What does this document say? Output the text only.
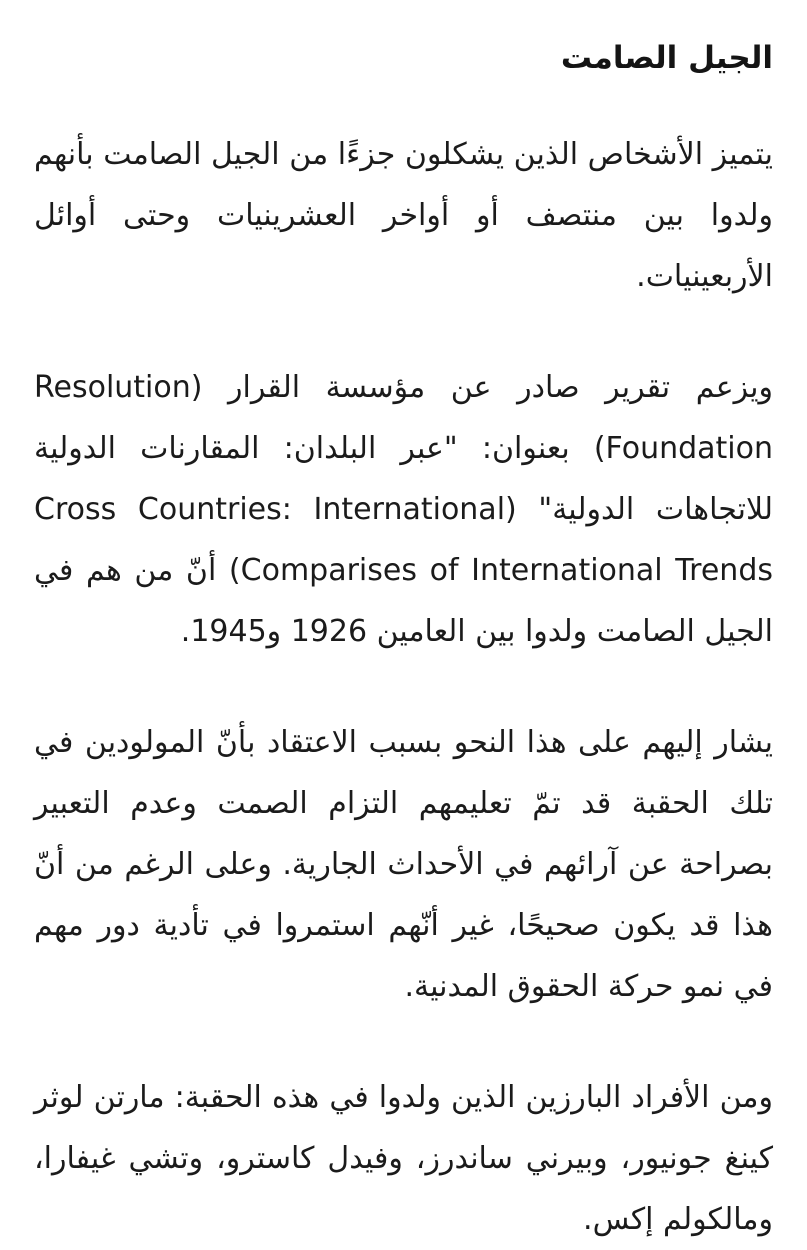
الجيل الصامت

يتميز الأشخاص الذين يشكلون جزءًا من الجيل الصامت بأنهم ولدوا بين منتصف أو أواخر العشرينيات وحتى أوائل الأربعينيات.

ويزعم تقرير صادر عن مؤسسة القرار (Resolution Foundation) بعنوان: "عبر البلدان: المقارنات الدولية للاتجاهات الدولية" (Cross Countries: International Comparises of International Trends) أنّ من هم في الجيل الصامت ولدوا بين العامين 1926 و1945.

يشار إليهم على هذا النحو بسبب الاعتقاد بأنّ المولودين في تلك الحقبة قد تمّ تعليمهم التزام الصمت وعدم التعبير بصراحة عن آرائهم في الأحداث الجارية. وعلى الرغم من أنّ هذا قد يكون صحيحًا، غير أنّهم استمروا في تأدية دور مهم في نمو حركة الحقوق المدنية.

ومن الأفراد البارزين الذين ولدوا في هذه الحقبة: مارتن لوثر كينغ جونيور، وبيرني ساندرز، وفيدل كاسترو، وتشي غيفارا، ومالكولم إكس.
